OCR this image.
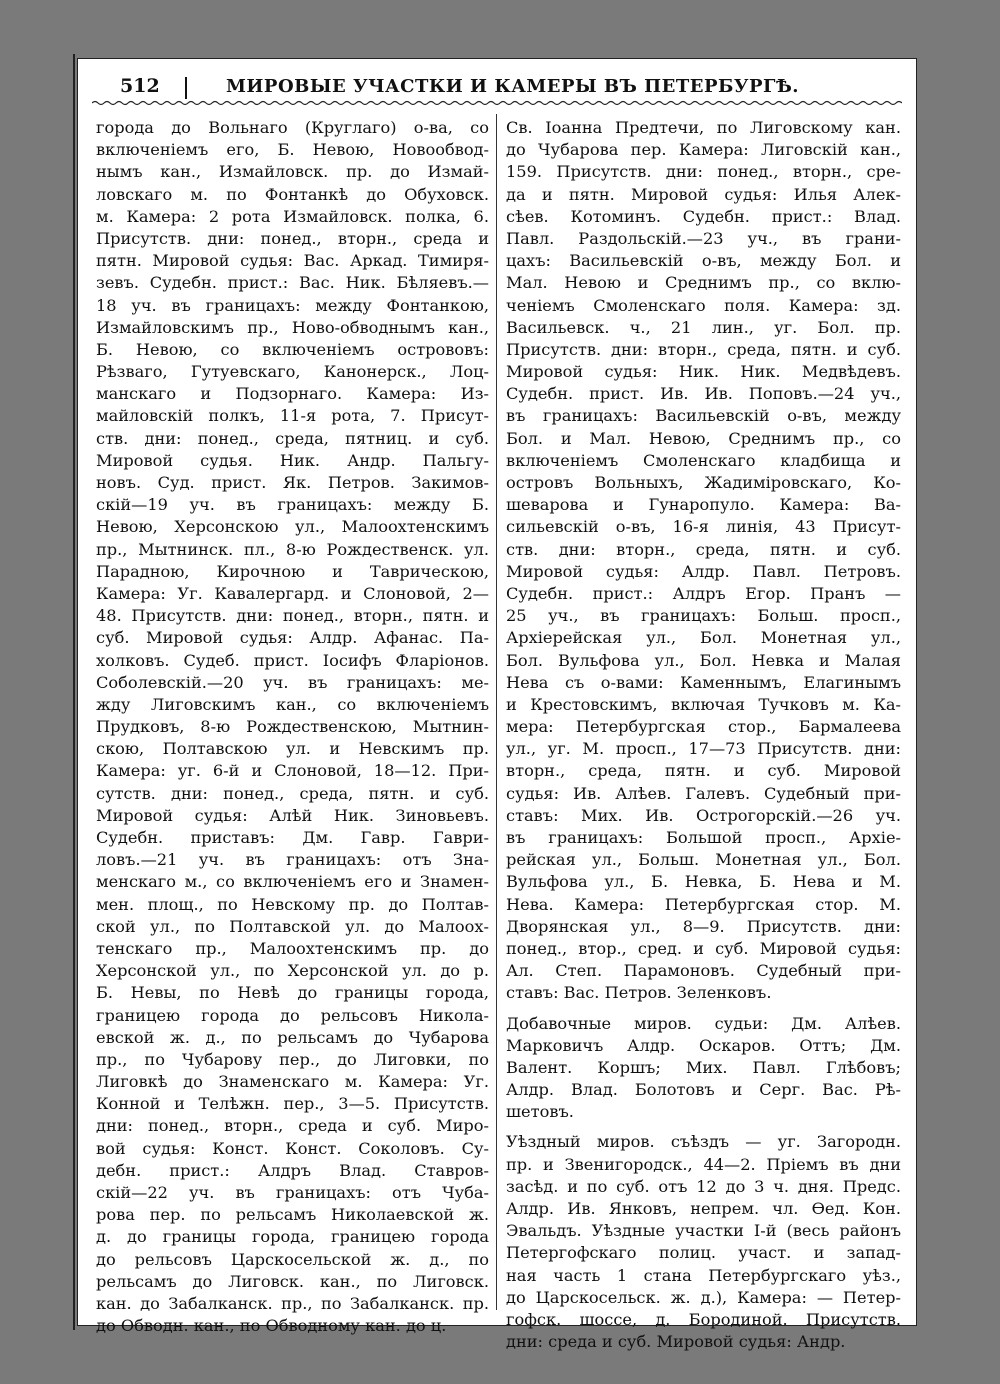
512	МИРОВЫЕ УЧАСТКИ И КАМЕРЫ ВЪ ПЕТЕРБУРГѢ.
города до Вольнаго (Круглаго) о-ва, со
включеніемъ его, Б. Невою, Новообвод-
нымъ кан., Измайловск. пр. до Измай-
ловскаго м. по Фонтанкѣ до Обуховск.
м. Камера: 2 рота Измайловск. полка, 6.
Присутств. дни: понед., вторн., среда и
пятн. Мировой судья: Вас. Аркад. Тимиря-
зевъ. Судебн. прист.: Вас. Ник. Бѣляевъ.—
18 уч. въ границахъ: между Фонтанкою,
Измайловскимъ пр., Ново-обводнымъ кан.,
Б. Невою, со включеніемъ острововъ:
Рѣзваго, Гутуевскаго, Канонерск., Лоц-
манскаго и Подзорнаго. Камера: Из-
майловскій полкъ, 11-я рота, 7. Присут-
ств. дни: понед., среда, пятниц. и суб.
Мировой судья. Ник. Андр. Пальгу-
новъ. Суд. прист. Як. Петров. Закимов-
скій—19 уч. въ границахъ: между Б.
Невою, Херсонскою ул., Малоохтенскимъ
пр., Мытнинск. пл., 8-ю Рождественск. ул.
Парадною, Кирочною и Таврическою,
Камера: Уг. Кавалергард. и Слоновой, 2—
48. Присутств. дни: понед., вторн., пятн. и
суб. Мировой судья: Алдр. Афанас. Па-
холковъ. Судеб. прист. Іосифъ Фларіонов.
Соболевскій.—20 уч. въ границахъ: ме-
жду Лиговскимъ кан., со включеніемъ
Прудковъ, 8-ю Рождественскою, Мытнин-
скою, Полтавскою ул. и Невскимъ пр.
Камера: уг. 6-й и Слоновой, 18—12. При-
сутств. дни: понед., среда, пятн. и суб.
Мировой судья: Алѣй Ник. Зиновьевъ.
Судебн. приставъ: Дм. Гавр. Гаври-
ловъ.—21 уч. въ границахъ: отъ Зна-
менскаго м., со включеніемъ его и Знамен-
мен. площ., по Невскому пр. до Полтав-
ской ул., по Полтавской ул. до Малоох-
тенскаго пр., Малоохтенскимъ пр. до
Херсонской ул., по Херсонской ул. до р.
Б. Невы, по Невѣ до границы города,
границею города до рельсовъ Никола-
евской ж. д., по рельсамъ до Чубарова
пр., по Чубарову пер., до Лиговки, по
Лиговкѣ до Знаменскаго м. Камера: Уг.
Конной и Телѣжн. пер., 3—5. Присутств.
дни: понед., вторн., среда и суб. Миро-
вой судья: Конст. Конст. Соколовъ. Су-
дебн. прист.: Алдръ Влад. Ставров-
скій—22 уч. въ границахъ: отъ Чуба-
рова пер. по рельсамъ Николаевской ж.
д. до границы города, границею города
до рельсовъ Царскосельской ж. д., по
рельсамъ до Лиговск. кан., по Лиговск.
кан. до Забалканск. пр., по Забалканск. пр.
до Обводн. кан., по Обводному кан. до ц.
Св. Іоанна Предтечи, по Лиговскому кан.
до Чубарова пер. Камера: Лиговскій кан.,
159. Присутств. дни: понед., вторн., сре-
да и пятн. Мировой судья: Илья Алек-
сѣев. Котоминъ. Судебн. прист.: Влад.
Павл. Раздольскій.—23 уч., въ грани-
цахъ: Васильевскій о-въ, между Бол. и
Мал. Невою и Среднимъ пр., со вклю-
ченіемъ Смоленскаго поля. Камера: зд.
Васильевск. ч., 21 лин., уг. Бол. пр.
Присутств. дни: вторн., среда, пятн. и суб.
Мировой судья: Ник. Ник. Медвѣдевъ.
Судебн. прист. Ив. Ив. Поповъ.—24 уч.,
въ границахъ: Васильевскій о-въ, между
Бол. и Мал. Невою, Среднимъ пр., со
включеніемъ Смоленскаго кладбища и
островъ Вольныхъ, Жадиміровскаго, Ко-
шеварова и Гунаропуло. Камера: Ва-
сильевскій о-въ, 16-я линія, 43 Присут-
ств. дни: вторн., среда, пятн. и суб.
Мировой судья: Алдр. Павл. Петровъ.
Судебн. прист.: Алдръ Егор. Пранъ —
25 уч., въ границахъ: Больш. просп.,
Архіерейская ул., Бол. Монетная ул.,
Бол. Вульфова ул., Бол. Невка и Малая
Нева съ о-вами: Каменнымъ, Елагинымъ
и Крестовскимъ, включая Тучковъ м. Ка-
мера: Петербургская стор., Бармалеева
ул., уг. М. просп., 17—73 Присутств. дни:
вторн., среда, пятн. и суб. Мировой
судья: Ив. Алѣев. Галевъ. Судебный при-
ставъ: Мих. Ив. Острогорскій.—26 уч.
въ границахъ: Большой просп., Архіе-
рейская ул., Больш. Монетная ул., Бол.
Вульфова ул., Б. Невка, Б. Нева и М.
Нева. Камера: Петербургская стор. М.
Дворянская ул., 8—9. Присутств. дни:
понед., втор., сред. и суб. Мировой судья:
Ал. Степ. Парамоновъ. Судебный при-
ставъ: Вас. Петров. Зеленковъ.
Добавочные миров. судьи: Дм. Алѣев.
Марковичъ Алдр. Оскаров. Оттъ; Дм.
Валент. Коршъ; Мих. Павл. Глѣбовъ;
Алдр. Влад. Болотовъ и Серг. Вас. Рѣ-
шетовъ.
Уѣздный миров. съѣздъ — уг. Загородн.
пр. и Звенигородск., 44—2. Пріемъ въ дни
засѣд. и по суб. отъ 12 до 3 ч. дня. Предс.
Алдр. Ив. Янковъ, непрем. чл. Ѳед. Кон.
Эвальдъ. Уѣздные участки І-й (весь районъ
Петергофскаго полиц. участ. и запад-
ная часть 1 стана Петербургскаго уѣз.,
до Царскосельск. ж. д.), Камера: — Петер-
гофск. шоссе, д. Бородиной. Присутств.
дни: среда и суб. Мировой судья: Андр.
